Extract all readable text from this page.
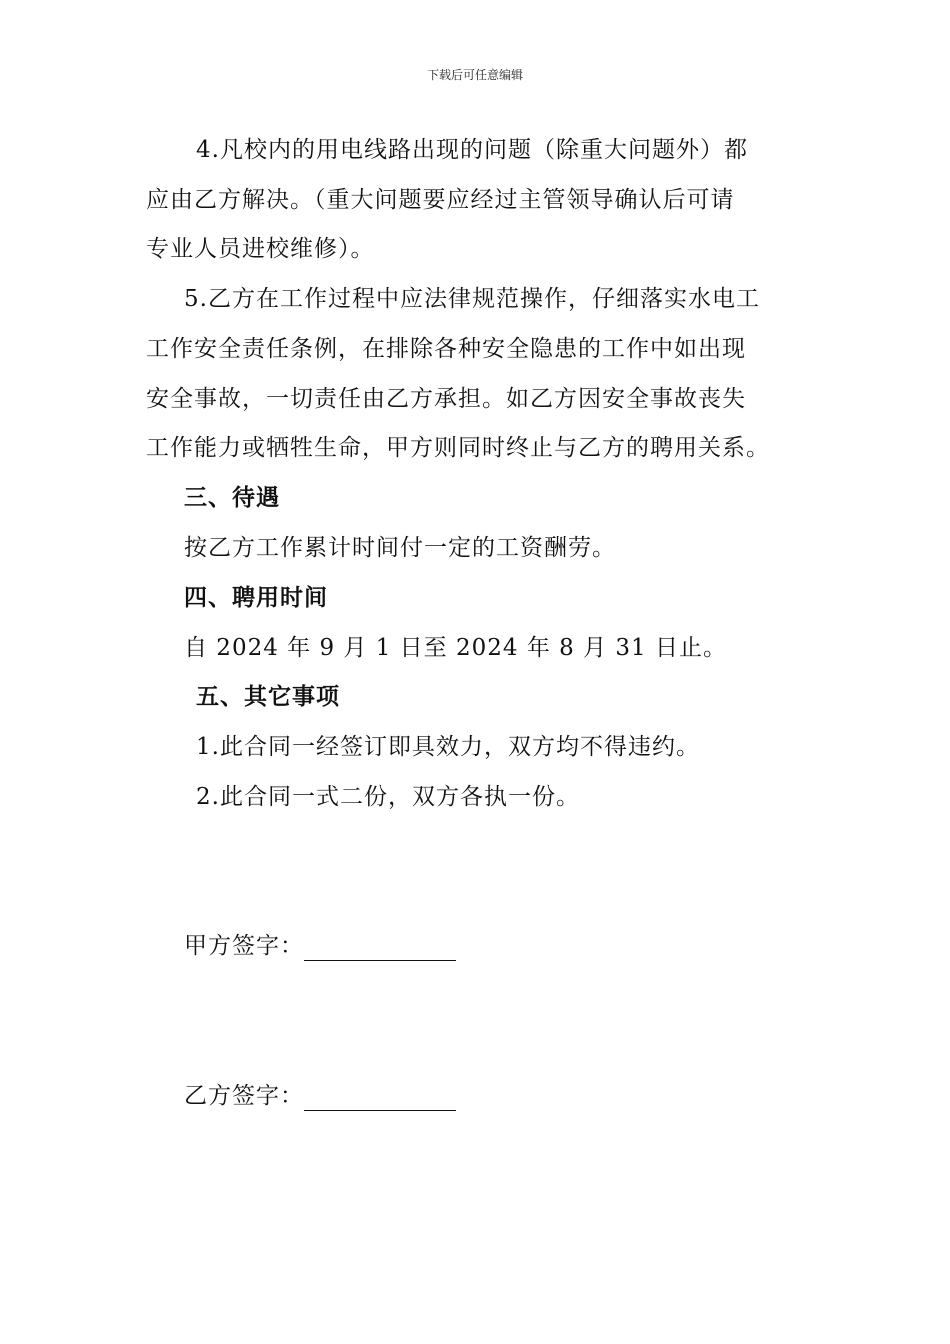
下载后可任意编辑
4.凡校内的用电线路出现的问题（除重大问题外）都
应由乙方解决。（重大问题要应经过主管领导确认后可请
专业人员进校维修）。
5.乙方在工作过程中应法律规范操作，仔细落实水电工
工作安全责任条例，在排除各种安全隐患的工作中如出现
安全事故，一切责任由乙方承担。如乙方因安全事故丧失
工作能力或牺牲生命，甲方则同时终止与乙方的聘用关系。
三、待遇
按乙方工作累计时间付一定的工资酬劳。
四、聘用时间
自 2024 年 9 月 1 日至 2024 年 8 月 31 日止。
五、其它事项
1.此合同一经签订即具效力，双方均不得违约。
2.此合同一式二份，双方各执一份。
甲方签字：
乙方签字：
